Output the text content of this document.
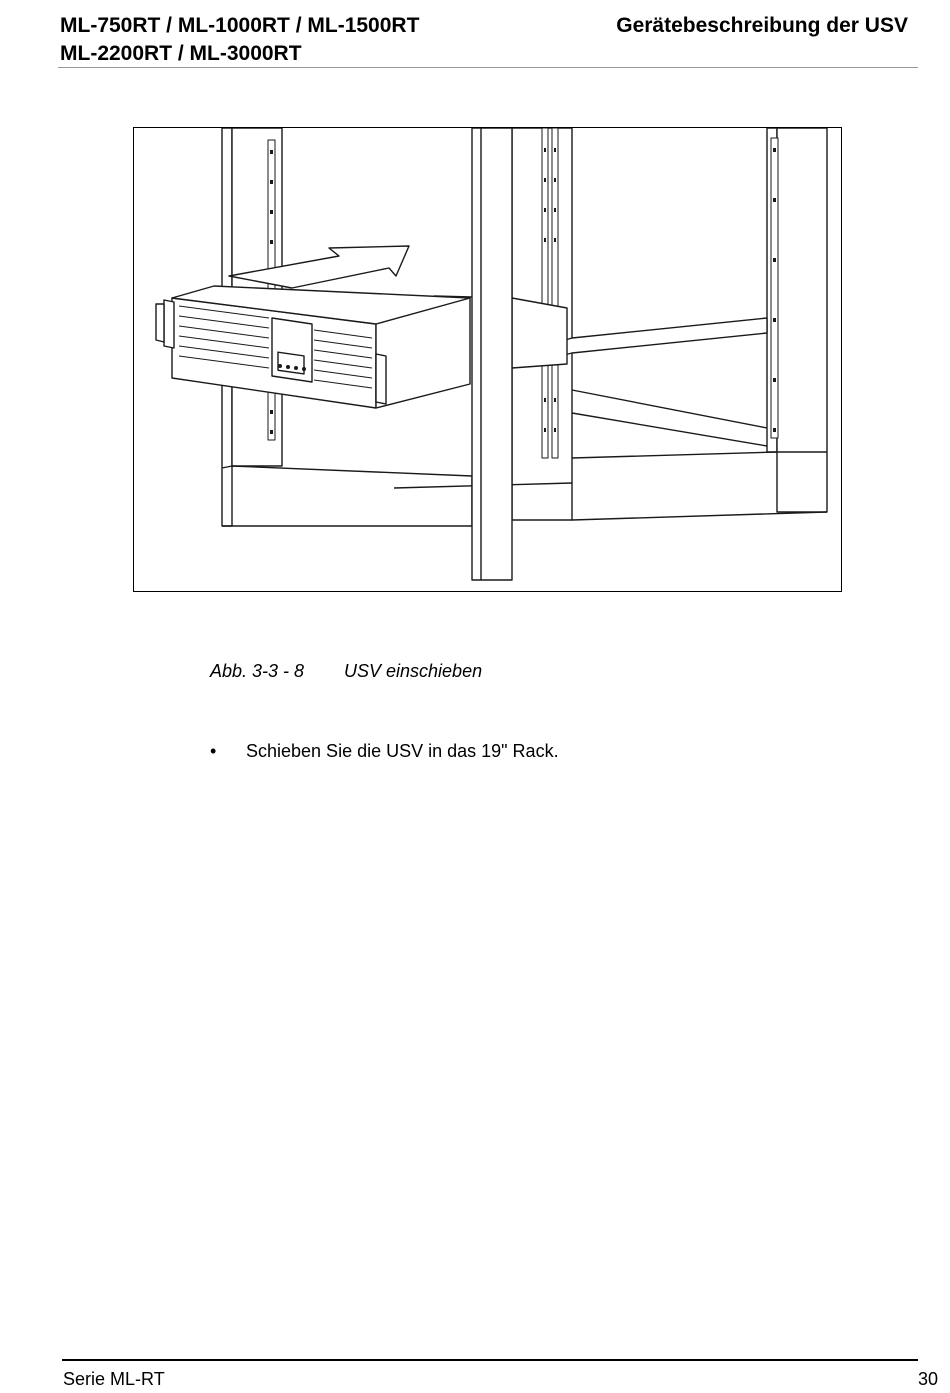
ML-750RT / ML-1000RT / ML-1500RT
ML-2200RT / ML-3000RT
Gerätebeschreibung der USV
Abb. 3-3 - 8 USV einschieben
• Schieben Sie die USV in das 19" Rack.
Serie ML-RT	30
